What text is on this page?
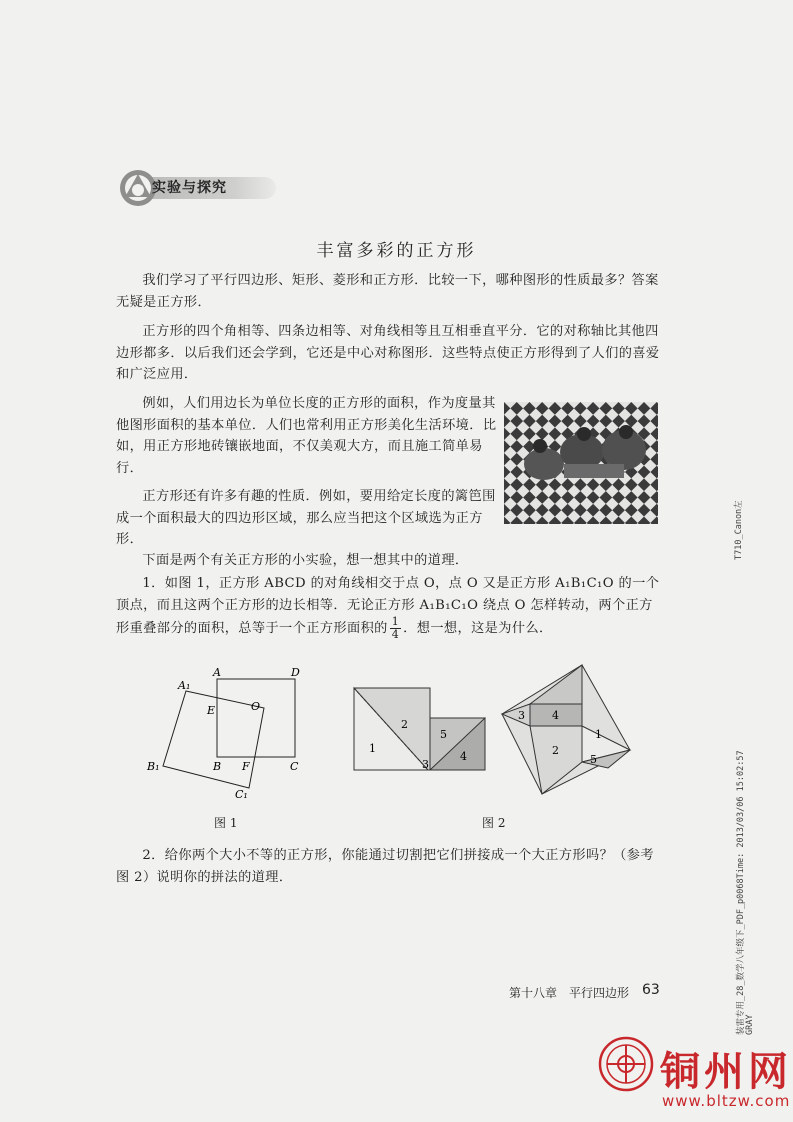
实验与探究
丰富多彩的正方形
我们学习了平行四边形、矩形、菱形和正方形．比较一下，哪种图形的性质最多？答案无疑是正方形．
正方形的四个角相等、四条边相等、对角线相等且互相垂直平分．它的对称轴比其他四边形都多．以后我们还会学到，它还是中心对称图形．这些特点使正方形得到了人们的喜爱和广泛应用．
例如，人们用边长为单位长度的正方形的面积，作为度量其他图形面积的基本单位．人们也常利用正方形美化生活环境．比如，用正方形地砖镶嵌地面，不仅美观大方，而且施工简单易行．
正方形还有许多有趣的性质．例如，要用给定长度的篱笆围成一个面积最大的四边形区域，那么应当把这个区域选为正方形．
下面是两个有关正方形的小实验，想一想其中的道理．
1．如图 1，正方形 ABCD 的对角线相交于点 O，点 O 又是正方形 A₁B₁C₁O 的一个顶点，而且这两个正方形的边长相等．无论正方形 A₁B₁C₁O 绕点 O 怎样转动，两个正方形重叠部分的面积，总等于一个正方形面积的 $\frac{1}{4}$ ．想一想，这是为什么．
A₁
A	D
E	O
B₁	B F	C
C₁
图 1
1
2
3
4
5
3 4
1
2
5
图 2
2．给你两个大小不等的正方形，你能通过切割把它们拼接成一个大正方形吗？（参考图 2）说明你的拼法的道理．
第十八章　平行四边形 63
T710_Canon左
装雷专用_28_数学八年级下_PDF_p0068Time: 2013/03/06 15:02:57 GRAY
铜州网
www.bltzw.com
